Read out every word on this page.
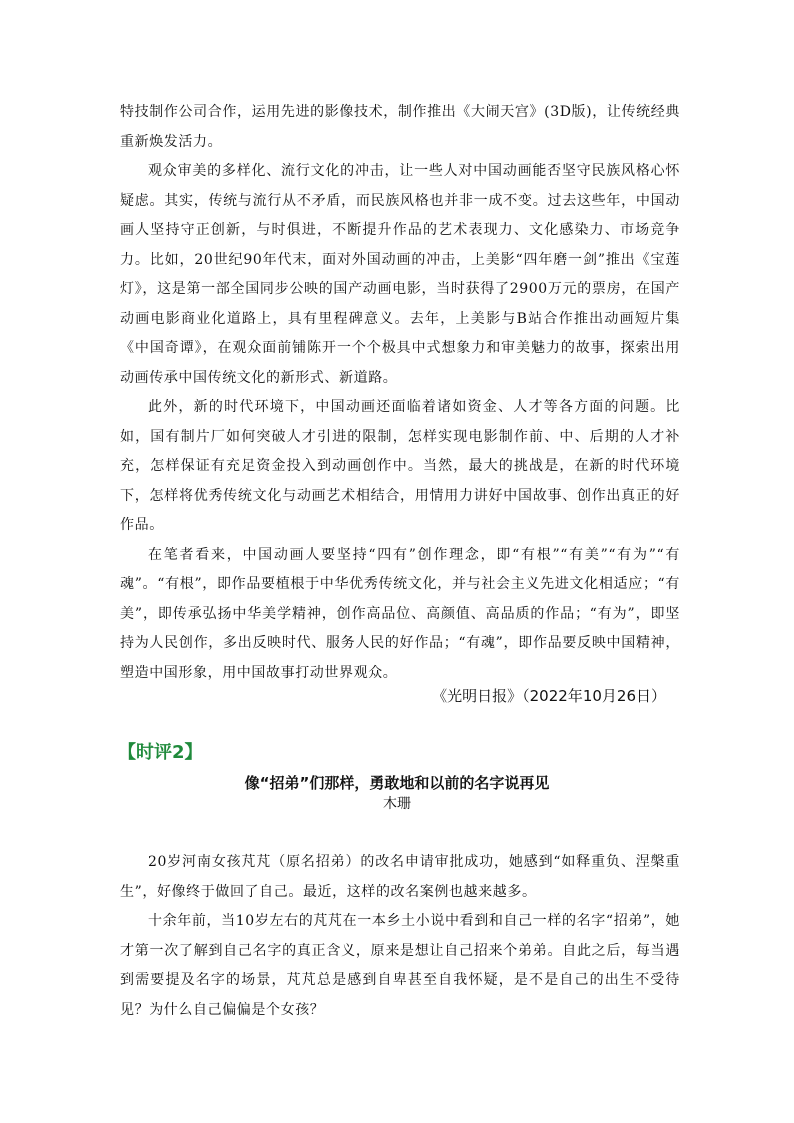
特技制作公司合作，运用先进的影像技术，制作推出《大闹天宫》(3D版)，让传统经典重新焕发活力。

观众审美的多样化、流行文化的冲击，让一些人对中国动画能否坚守民族风格心怀疑虑。其实，传统与流行从不矛盾，而民族风格也并非一成不变。过去这些年，中国动画人坚持守正创新，与时俱进，不断提升作品的艺术表现力、文化感染力、市场竞争力。比如，20世纪90年代末，面对外国动画的冲击，上美影“四年磨一剑”推出《宝莲灯》，这是第一部全国同步公映的国产动画电影，当时获得了2900万元的票房，在国产动画电影商业化道路上，具有里程碑意义。去年，上美影与B站合作推出动画短片集《中国奇谭》，在观众面前铺陈开一个个极具中式想象力和审美魅力的故事，探索出用动画传承中国传统文化的新形式、新道路。

此外，新的时代环境下，中国动画还面临着诸如资金、人才等各方面的问题。比如，国有制片厂如何突破人才引进的限制，怎样实现电影制作前、中、后期的人才补充，怎样保证有充足资金投入到动画创作中。当然，最大的挑战是，在新的时代环境下，怎样将优秀传统文化与动画艺术相结合，用情用力讲好中国故事、创作出真正的好作品。

在笔者看来，中国动画人要坚持“四有”创作理念，即“有根”“有美”“有为”“有魂”。“有根”，即作品要植根于中华优秀传统文化，并与社会主义先进文化相适应；“有美”，即传承弘扬中华美学精神，创作高品位、高颜值、高品质的作品；“有为”，即坚持为人民创作，多出反映时代、服务人民的好作品；“有魂”，即作品要反映中国精神，塑造中国形象，用中国故事打动世界观众。

《光明日报》（2022年10月26日）

【时评2】

像“招弟”们那样，勇敢地和以前的名字说再见

木珊

20岁河南女孩芃芃（原名招弟）的改名申请审批成功，她感到“如释重负、涅槃重生”，好像终于做回了自己。最近，这样的改名案例也越来越多。

十余年前，当10岁左右的芃芃在一本乡土小说中看到和自己一样的名字“招弟”，她才第一次了解到自己名字的真正含义，原来是想让自己招来个弟弟。自此之后，每当遇到需要提及名字的场景，芃芃总是感到自卑甚至自我怀疑，是不是自己的出生不受待见？为什么自己偏偏是个女孩？
